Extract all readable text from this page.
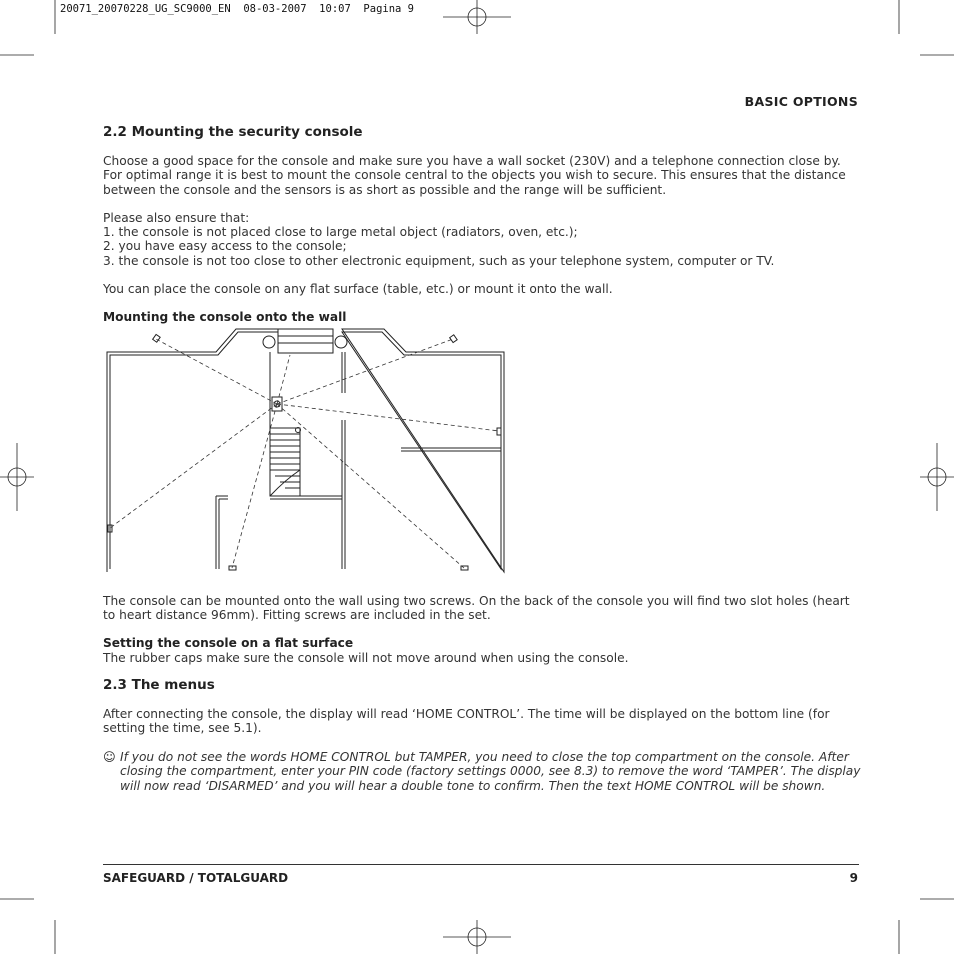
20071_20070228_UG_SC9000_EN  08-03-2007  10:07  Pagina 9
BASIC OPTIONS
2.2 Mounting the security console

Choose a good space for the console and make sure you have a wall socket (230V) and a telephone connection close by. For optimal range it is best to mount the console central to the objects you wish to secure. This ensures that the distance between the console and the sensors is as short as possible and the range will be sufficient.

Please also ensure that:

1. the console is not placed close to large metal object (radiators, oven, etc.);
2. you have easy access to the console;
3. the console is not too close to other electronic equipment, such as your telephone system, computer or TV.

You can place the console on any flat surface (table, etc.) or mount it onto the wall.

Mounting the console onto the wall

The console can be mounted onto the wall using two screws. On the back of the console you will find two slot holes (heart to heart distance 96mm). Fitting screws are included in the set.

Setting the console on a flat surface

The rubber caps make sure the console will not move around when using the console.

2.3 The menus

After connecting the console, the display will read ‘HOME CONTROL’. The time will be displayed on the bottom line (for setting the time, see 5.1).

☺ If you do not see the words HOME CONTROL but TAMPER, you need to close the top compartment on the console. After closing the compartment, enter your PIN code (factory settings 0000, see 8.3) to remove the word ‘TAMPER’. The display will now read ‘DISARMED’ and you will hear a double tone to confirm. Then the text HOME CONTROL will be shown.
SAFEGUARD / TOTALGUARD	9
